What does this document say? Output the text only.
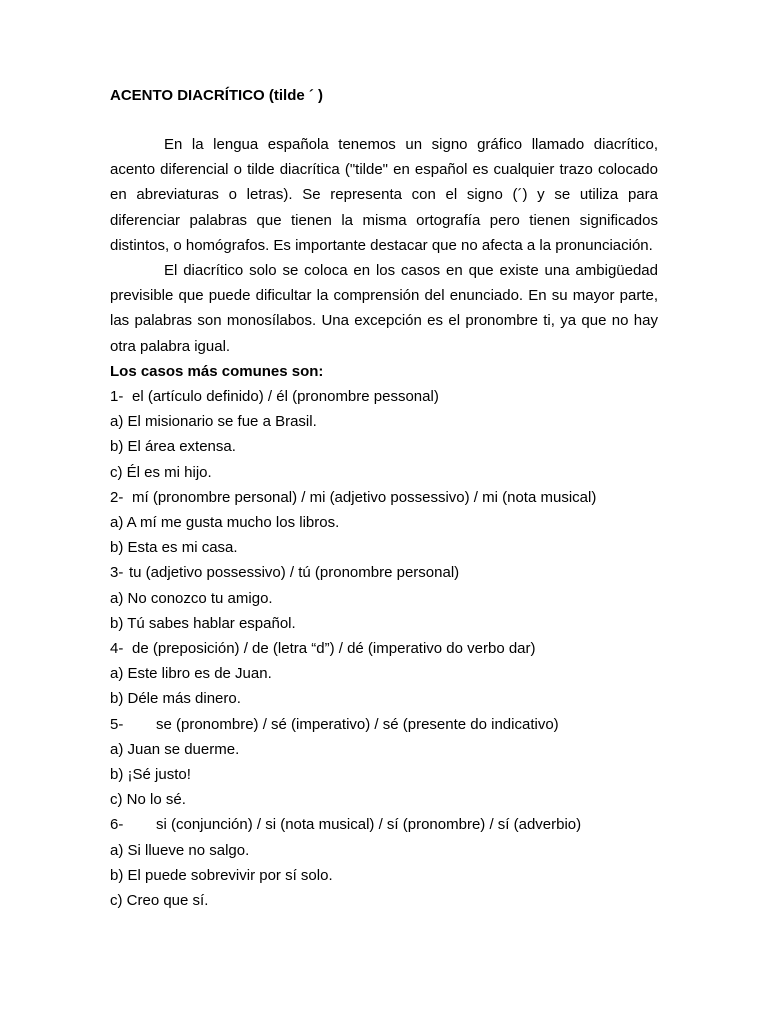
ACENTO DIACRÍTICO (tilde ´ )

En la lengua española tenemos un signo gráfico llamado diacrítico, acento diferencial o tilde diacrítica ("tilde" en español es cualquier trazo colocado en abreviaturas o letras). Se representa con el signo (´) y se utiliza para diferenciar palabras que tienen la misma ortografía pero tienen significados distintos, o homógrafos. Es importante destacar que no afecta a la pronunciación.

El diacrítico solo se coloca en los casos en que existe una ambigüedad previsible que puede dificultar la comprensión del enunciado. En su mayor parte, las palabras son monosílabos. Una excepción es el pronombre ti, ya que no hay otra palabra igual.

Los casos más comunes son:
1- el (artículo definido) / él (pronombre pessonal)
a) El misionario se fue a Brasil.
b) El área extensa.
c) Él es mi hijo.
2- mí (pronombre personal) / mi (adjetivo possessivo) / mi (nota musical)
a) A mí me gusta mucho los libros.
b) Esta es mi casa.
3- tu (adjetivo possessivo) / tú (pronombre personal)
a) No conozco tu amigo.
b) Tú sabes hablar español.
4- de (preposición) / de (letra “d”) / dé (imperativo do verbo dar)
a) Este libro es de Juan.
b) Déle más dinero.
5- se (pronombre) / sé (imperativo) / sé (presente do indicativo)
a) Juan se duerme.
b) ¡Sé justo!
c) No lo sé.
6- si (conjunción) / si (nota musical) / sí (pronombre) / sí (adverbio)
a) Si llueve no salgo.
b) El puede sobrevivir por sí solo.
c) Creo que sí.
